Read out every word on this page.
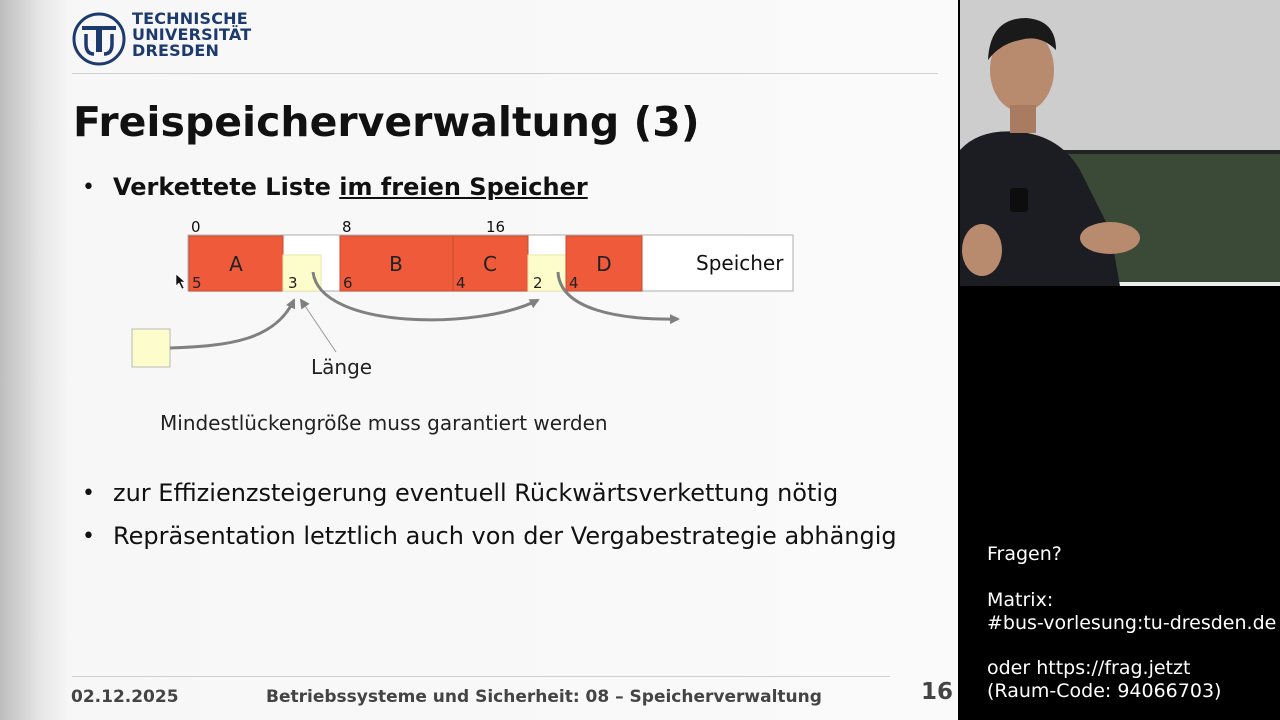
TECHNISCHE
UNIVERSITÄT
DRESDEN
Freispeicherverwaltung (3)
• Verkettete Liste im freien Speicher
0	8	16
A	B	C	D
5	3	6	4	2 4
Speicher
Länge
Mindestlückengröße muss garantiert werden
• zur Effizienzsteigerung eventuell Rückwärtsverkettung nötig
• Repräsentation letztlich auch von der Vergabestrategie abhängig
02.12.2025	Betriebssysteme und Sicherheit: 08 – Speicherverwaltung	16
Fragen?
Matrix:
#bus-vorlesung:tu-dresden.de
oder https://frag.jetzt
(Raum-Code: 94066703)
